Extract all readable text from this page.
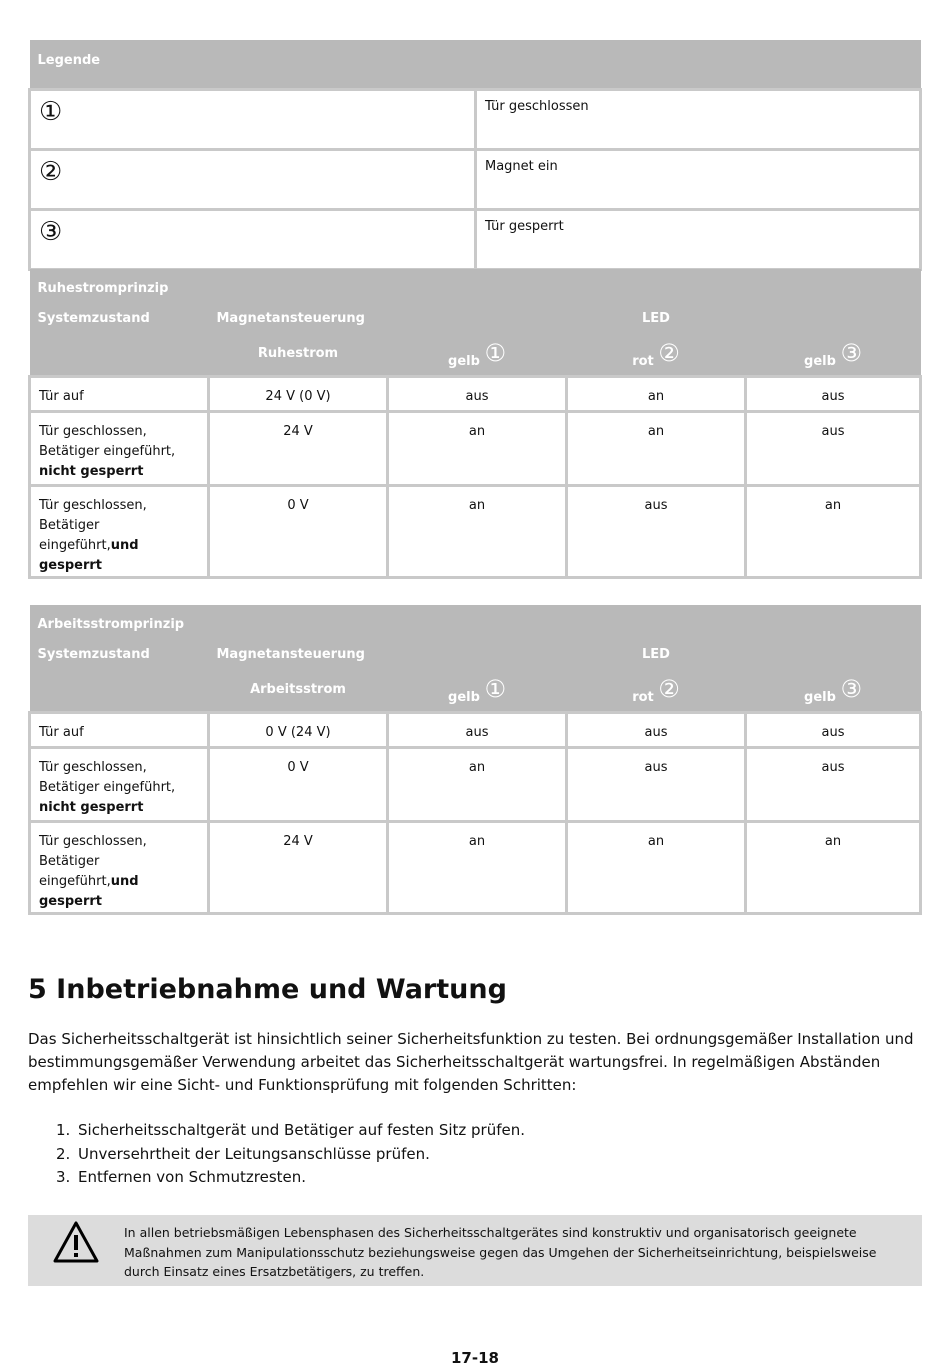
Legende	
①	Tür geschlossen
②	Magnet ein
③	Tür gesperrt
Ruhestromprinzip				
Systemzustand	Magnetansteuerung		LED	
	Ruhestrom	gelb ①	rot ②	gelb ③
Tür auf	24 V (0 V)	aus	an	aus
Tür geschlossen,
Betätiger eingeführt,
nicht gesperrt	24 V	an	an	aus
Tür geschlossen,
Betätiger eingeführt,und
gesperrt	0 V	an	aus	an
Arbeitsstromprinzip				
Systemzustand	Magnetansteuerung		LED	
	Arbeitsstrom	gelb ①	rot ②	gelb ③
Tür auf	0 V (24 V)	aus	aus	aus
Tür geschlossen,
Betätiger eingeführt,
nicht gesperrt	0 V	an	aus	aus
Tür geschlossen,
Betätiger eingeführt,und
gesperrt	24 V	an	an	an
5 Inbetriebnahme und Wartung

Das Sicherheitsschaltgerät ist hinsichtlich seiner Sicherheitsfunktion zu testen. Bei ordnungsgemäßer Installation und bestimmungsgemäßer Verwendung arbeitet das Sicherheitsschaltgerät wartungsfrei. In regelmäßigen Abständen empfehlen wir eine Sicht- und Funktionsprüfung mit folgenden Schritten:

1. Sicherheitsschaltgerät und Betätiger auf festen Sitz prüfen.
2. Unversehrtheit der Leitungsanschlüsse prüfen.
3. Entfernen von Schmutzresten.
In allen betriebsmäßigen Lebensphasen des Sicherheitsschaltgerätes sind konstruktiv und organisatorisch geeignete Maßnahmen zum Manipulationsschutz beziehungsweise gegen das Umgehen der Sicherheitseinrichtung, beispielsweise durch Einsatz eines Ersatzbetätigers, zu treffen.
17-18
